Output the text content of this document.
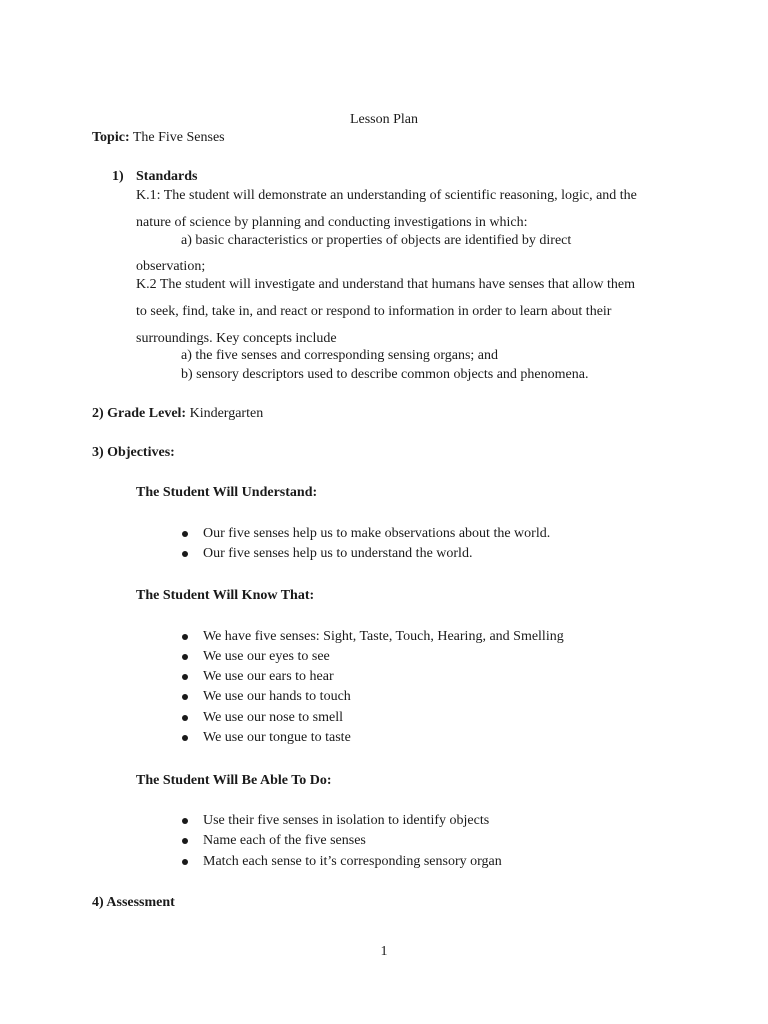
Lesson Plan
Topic: The Five Senses
1) Standards
K.1: The student will demonstrate an understanding of scientific reasoning, logic, and the
nature of science by planning and conducting investigations in which:
a) basic characteristics or properties of objects are identified by direct
observation;
K.2 The student will investigate and understand that humans have senses that allow them
to seek, find, take in, and react or respond to information in order to learn about their
surroundings. Key concepts include
a) the five senses and corresponding sensing organs; and
b) sensory descriptors used to describe common objects and phenomena.
2) Grade Level: Kindergarten
3) Objectives:
The Student Will Understand:
Our five senses help us to make observations about the world.
Our five senses help us to understand the world.
The Student Will Know That:
We have five senses: Sight, Taste, Touch, Hearing, and Smelling
We use our eyes to see
We use our ears to hear
We use our hands to touch
We use our nose to smell
We use our tongue to taste
The Student Will Be Able To Do:
Use their five senses in isolation to identify objects
Name each of the five senses
Match each sense to it’s corresponding sensory organ
4) Assessment
1
